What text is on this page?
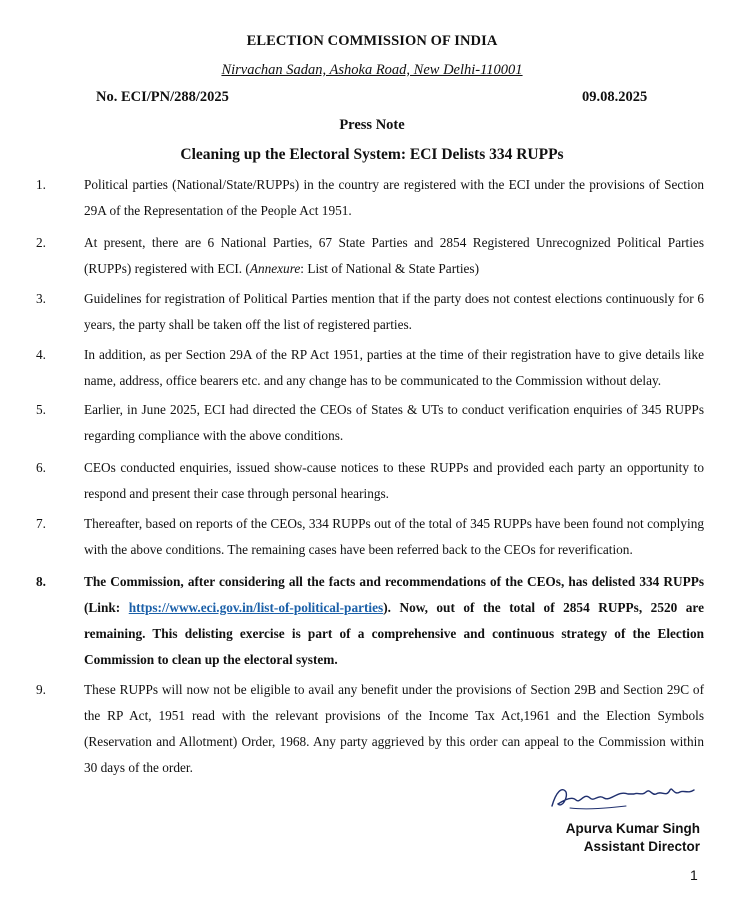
ELECTION COMMISSION OF INDIA
Nirvachan Sadan, Ashoka Road, New Delhi-110001
No. ECI/PN/288/2025	09.08.2025
Press Note
Cleaning up the Electoral System: ECI Delists 334 RUPPs
1.	Political parties (National/State/RUPPs) in the country are registered with the ECI under the provisions of Section 29A of the Representation of the People Act 1951.
2.	At present, there are 6 National Parties, 67 State Parties and 2854 Registered Unrecognized Political Parties (RUPPs) registered with ECI. (Annexure: List of National & State Parties)
3.	Guidelines for registration of Political Parties mention that if the party does not contest elections continuously for 6 years, the party shall be taken off the list of registered parties.
4.	In addition, as per Section 29A of the RP Act 1951, parties at the time of their registration have to give details like name, address, office bearers etc. and any change has to be communicated to the Commission without delay.
5.	Earlier, in June 2025, ECI had directed the CEOs of States & UTs to conduct verification enquiries of 345 RUPPs regarding compliance with the above conditions.
6.	CEOs conducted enquiries, issued show-cause notices to these RUPPs and provided each party an opportunity to respond and present their case through personal hearings.
7.	Thereafter, based on reports of the CEOs, 334 RUPPs out of the total of 345 RUPPs have been found not complying with the above conditions. The remaining cases have been referred back to the CEOs for reverification.
8.	The Commission, after considering all the facts and recommendations of the CEOs, has delisted 334 RUPPs (Link: https://www.eci.gov.in/list-of-political-parties). Now, out of the total of 2854 RUPPs, 2520 are remaining. This delisting exercise is part of a comprehensive and continuous strategy of the Election Commission to clean up the electoral system.
9.	These RUPPs will now not be eligible to avail any benefit under the provisions of Section 29B and Section 29C of the RP Act, 1951 read with the relevant provisions of the Income Tax Act,1961 and the Election Symbols (Reservation and Allotment) Order, 1968. Any party aggrieved by this order can appeal to the Commission within 30 days of the order.
Apurva Kumar Singh
Assistant Director
1
